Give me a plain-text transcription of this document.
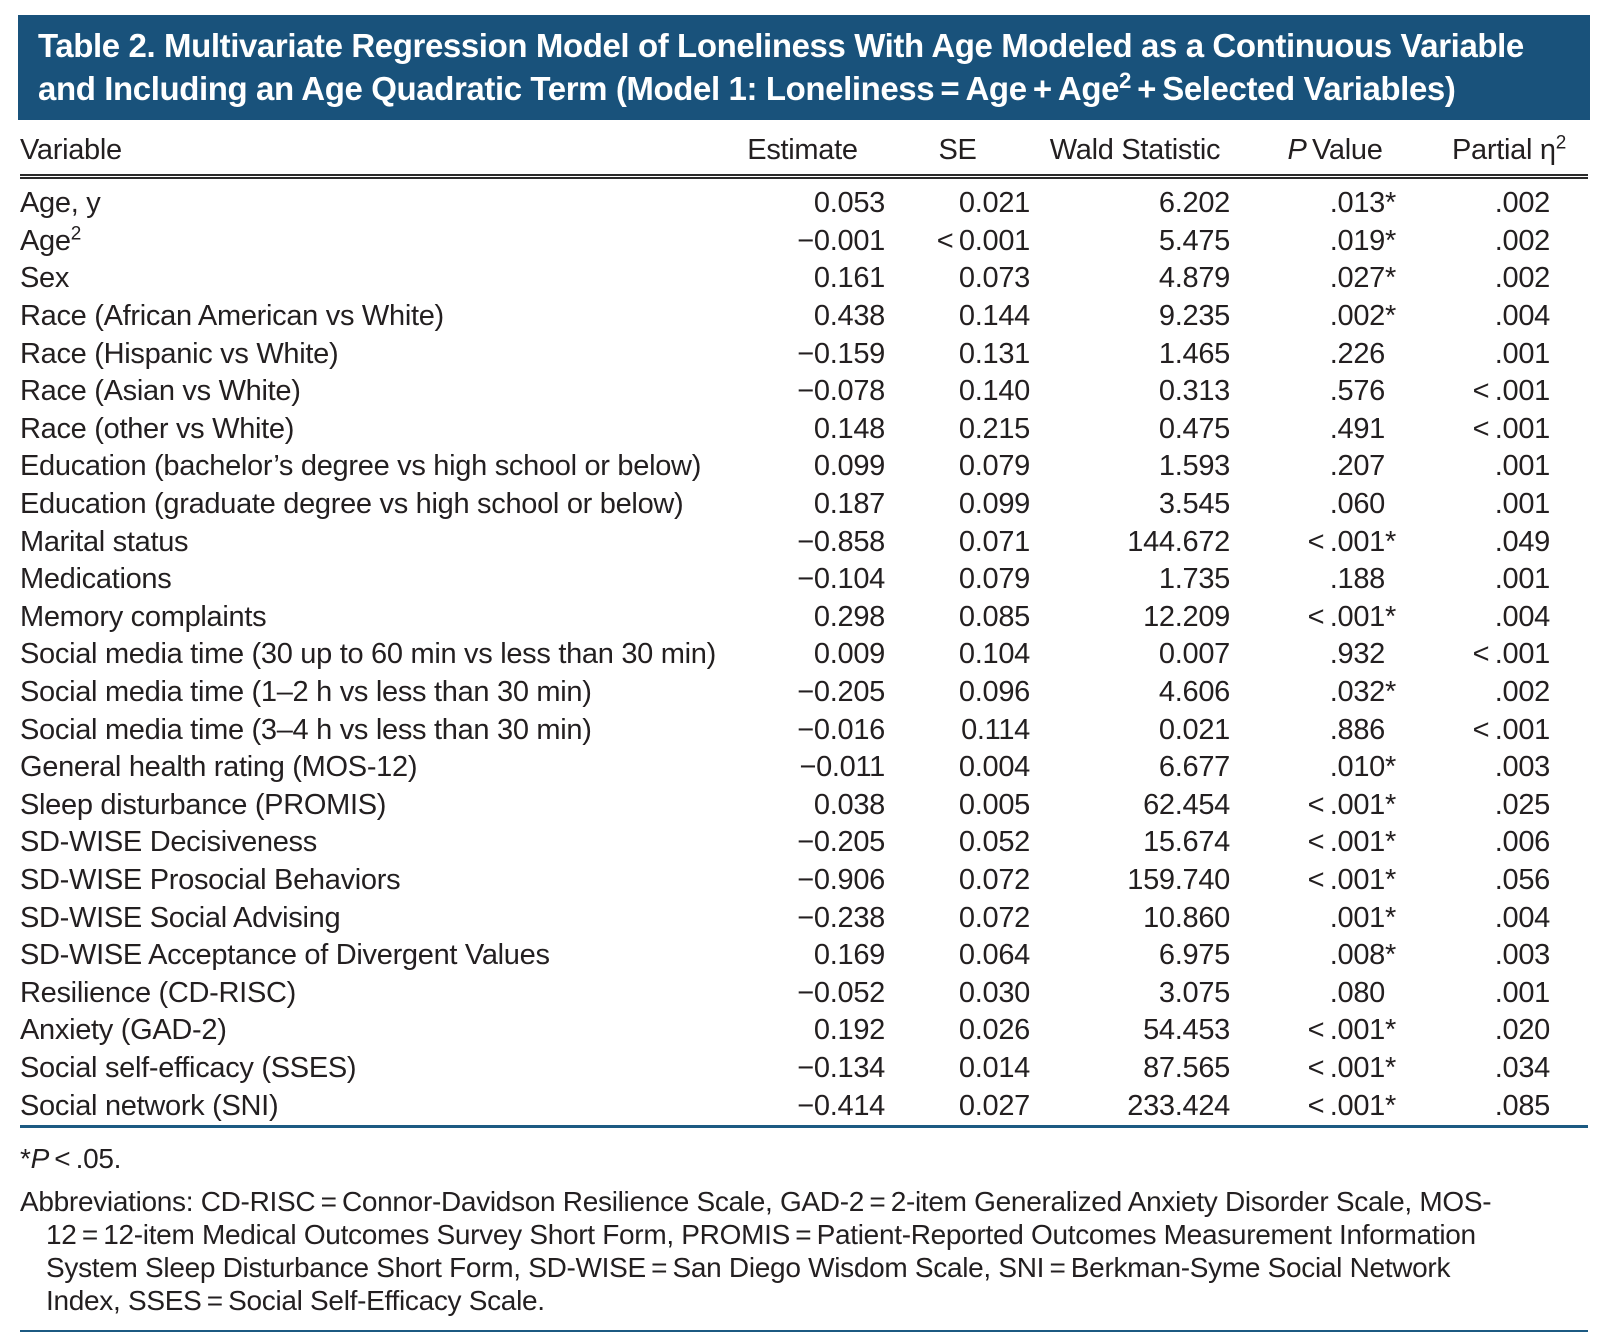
Table 2. Multivariate Regression Model of Loneliness With Age Modeled as a Continuous Variable and Including an Age Quadratic Term (Model 1: Loneliness = Age + Age$^2$ + Selected Variables)
Variable	Estimate	SE	Wald Statistic	P Value	Partial $\eta^2$
Age, y	0.053	0.021	6.202	.013*	.002
Age$^2$	−0.001	< 0.001	5.475	.019*	.002
Sex	0.161	0.073	4.879	.027*	.002
Race (African American vs White)	0.438	0.144	9.235	.002*	.004
Race (Hispanic vs White)	−0.159	0.131	1.465	.226	.001
Race (Asian vs White)	−0.078	0.140	0.313	.576	< .001
Race (other vs White)	0.148	0.215	0.475	.491	< .001
Education (bachelor’s degree vs high school or below)	0.099	0.079	1.593	.207	.001
Education (graduate degree vs high school or below)	0.187	0.099	3.545	.060	.001
Marital status	−0.858	0.071	144.672	< .001*	.049
Medications	−0.104	0.079	1.735	.188	.001
Memory complaints	0.298	0.085	12.209	< .001*	.004
Social media time (30 up to 60 min vs less than 30 min)	0.009	0.104	0.007	.932	< .001
Social media time (1–2 h vs less than 30 min)	−0.205	0.096	4.606	.032*	.002
Social media time (3–4 h vs less than 30 min)	−0.016	0.114	0.021	.886	< .001
General health rating (MOS-12)	−0.011	0.004	6.677	.010*	.003
Sleep disturbance (PROMIS)	0.038	0.005	62.454	< .001*	.025
SD-WISE Decisiveness	−0.205	0.052	15.674	< .001*	.006
SD-WISE Prosocial Behaviors	−0.906	0.072	159.740	< .001*	.056
SD-WISE Social Advising	−0.238	0.072	10.860	.001*	.004
SD-WISE Acceptance of Divergent Values	0.169	0.064	6.975	.008*	.003
Resilience (CD-RISC)	−0.052	0.030	3.075	.080	.001
Anxiety (GAD-2)	0.192	0.026	54.453	< .001*	.020
Social self-efficacy (SSES)	−0.134	0.014	87.565	< .001*	.034
Social network (SNI)	−0.414	0.027	233.424	< .001*	.085

*P < .05.

Abbreviations: CD-RISC = Connor-Davidson Resilience Scale, GAD-2 = 2-item Generalized Anxiety Disorder Scale, MOS-12 = 12-item Medical Outcomes Survey Short Form, PROMIS = Patient-Reported Outcomes Measurement Information System Sleep Disturbance Short Form, SD-WISE = San Diego Wisdom Scale, SNI = Berkman-Syme Social Network Index, SSES = Social Self-Efficacy Scale.
